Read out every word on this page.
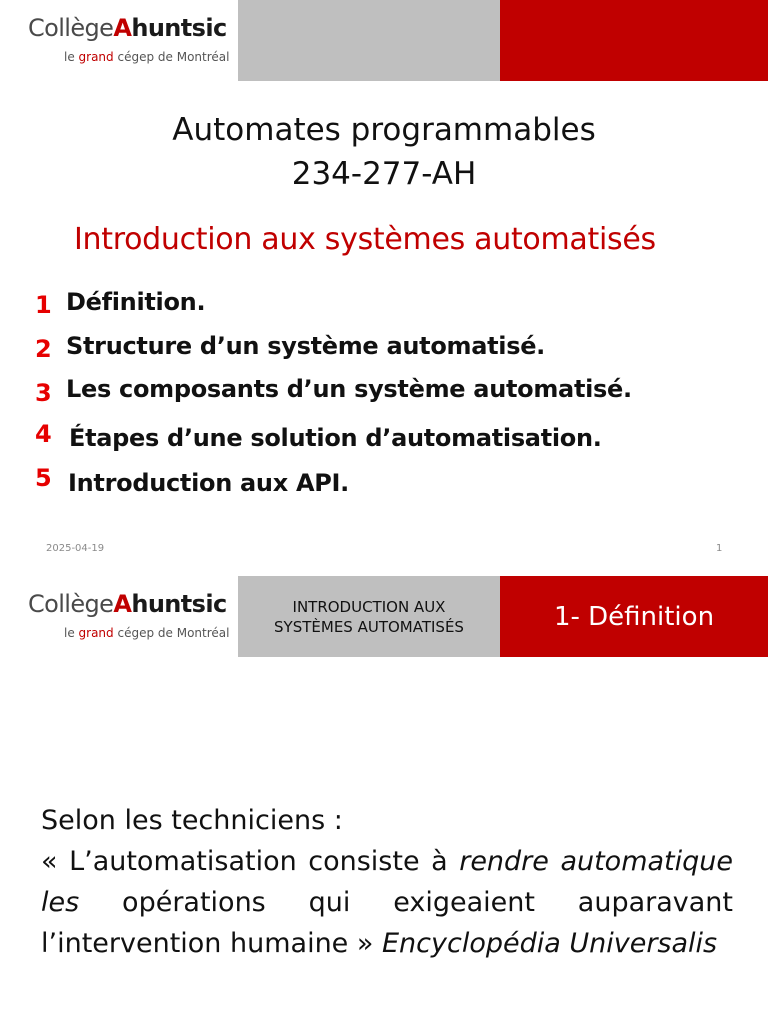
CollègeAhuntsic
le grand cégep de Montréal
Automates programmables
234-277-AH
Introduction aux systèmes automatisés
1 Définition.
2 Structure d’un système automatisé.
3 Les composants d’un système automatisé.
4 Étapes d’une solution d’automatisation.
5 Introduction aux API.
2025-04-19	1
CollègeAhuntsic
le grand cégep de Montréal
INTRODUCTION AUX
SYSTÈMES AUTOMATISÉS	1- Définition

Selon les techniciens :

« L’automatisation consiste à rendre automatique

les opérations qui exigeaient auparavant

l’intervention humaine » Encyclopédia Universalis
